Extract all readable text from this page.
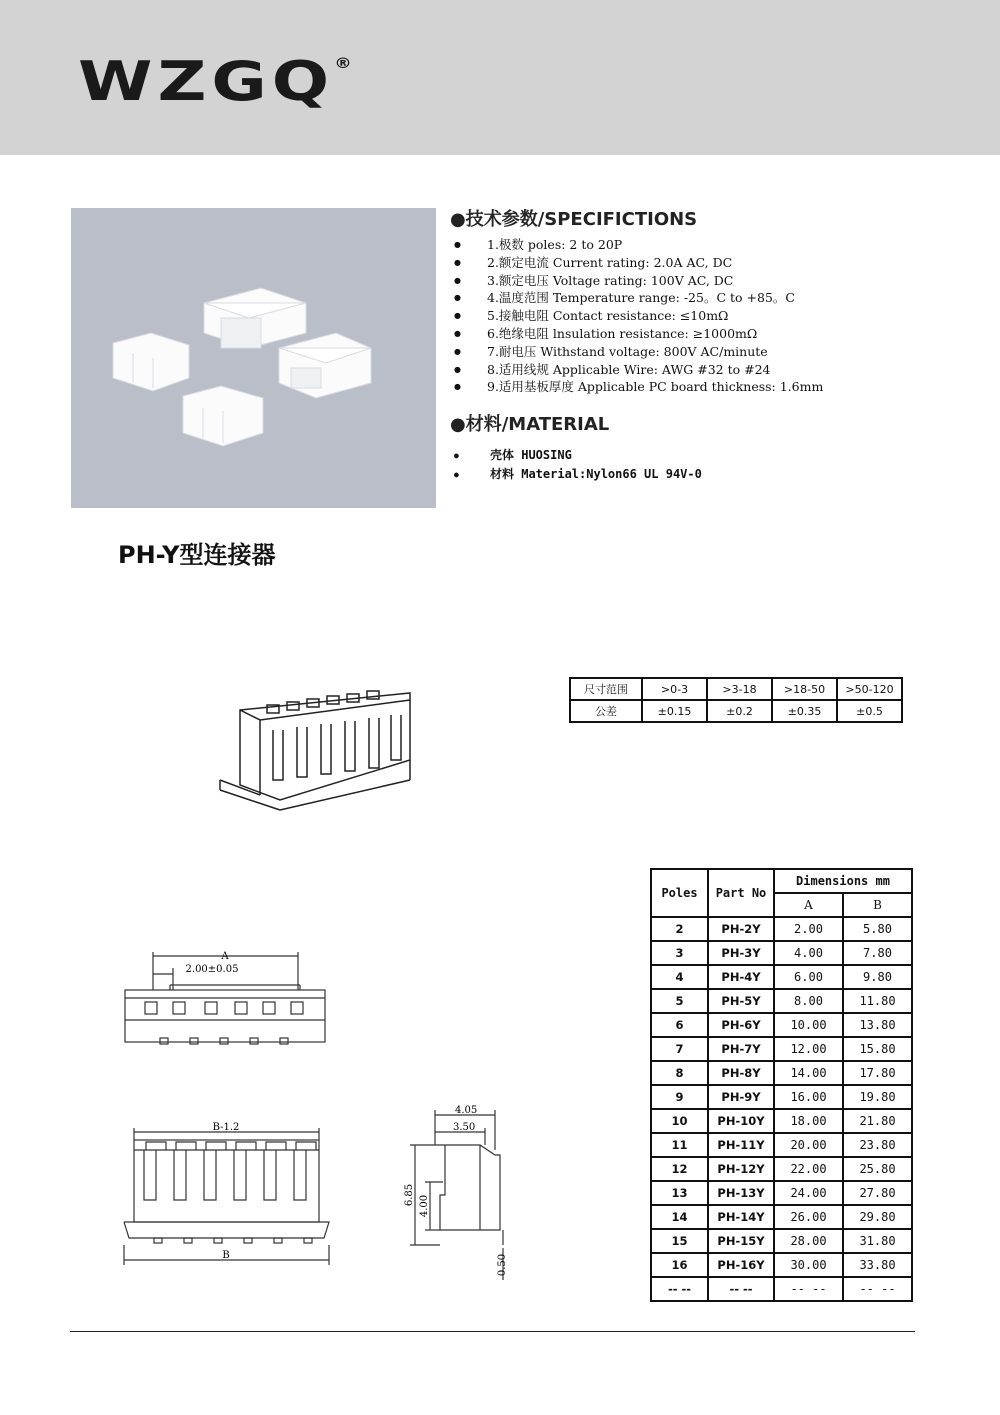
WZGQ®
●技术参数/SPECIFICTIONS
● 1.极数 poles: 2 to 20P
● 2.额定电流 Current rating: 2.0A AC, DC
● 3.额定电压 Voltage rating: 100V AC, DC
● 4.温度范围 Temperature range: -25。C to +85。C
● 5.接触电阻 Contact resistance: ≤10mΩ
● 6.绝缘电阻 lnsulation resistance: ≥1000mΩ
● 7.耐电压 Withstand voltage: 800V AC/minute
● 8.适用线规 Applicable Wire: AWG #32 to #24
● 9.适用基板厚度 Applicable PC board thickness: 1.6mm
●材料/MATERIAL
● 壳体 HUOSING
● 材料 Material:Nylon66 UL 94V-0
PH-Y型连接器
尺寸范围	>0-3	>3-18	>18-50	>50-120
公差	±0.15	±0.2	±0.35	±0.5
A
2.00±0.05
B-1.2
B
4.05
3.50
6.85 4.00
0.50
Poles	Part No	Dimensions mm	
		A	B
2	PH-2Y	2.00	5.80
3	PH-3Y	4.00	7.80
4	PH-4Y	6.00	9.80
5	PH-5Y	8.00	11.80
6	PH-6Y	10.00	13.80
7	PH-7Y	12.00	15.80
8	PH-8Y	14.00	17.80
9	PH-9Y	16.00	19.80
10	PH-10Y	18.00	21.80
11	PH-11Y	20.00	23.80
12	PH-12Y	22.00	25.80
13	PH-13Y	24.00	27.80
14	PH-14Y	26.00	29.80
15	PH-15Y	28.00	31.80
16	PH-16Y	30.00	33.80
-- --	-- --	-- --	-- --
